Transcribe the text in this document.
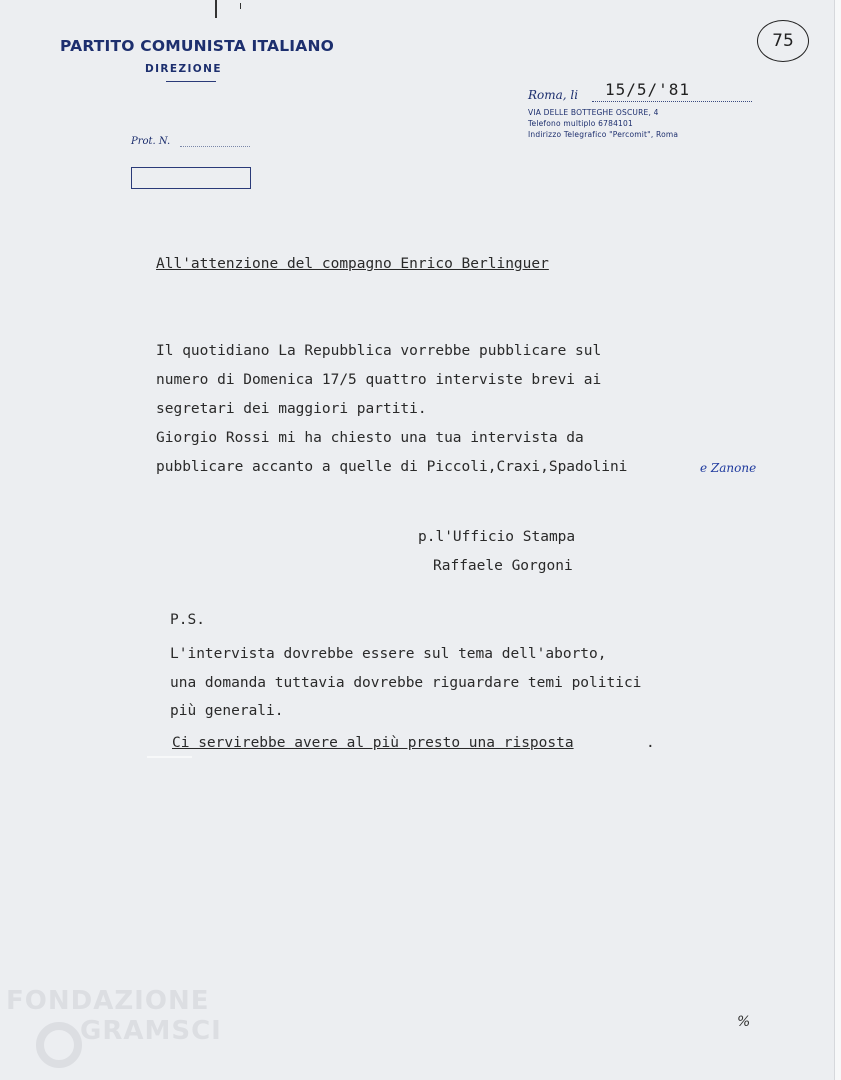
PARTITO COMUNISTA ITALIANO
DIREZIONE
75
Roma, li 15/5/'81
VIA DELLE BOTTEGHE OSCURE, 4
Telefono multiplo 6784101
Indirizzo Telegrafico "Percomit", Roma
Prot. N.
All'attenzione del compagno Enrico Berlinguer
Il quotidiano La Repubblica vorrebbe pubblicare sul
numero di Domenica 17/5 quattro interviste brevi ai
segretari dei maggiori partiti.
Giorgio Rossi mi ha chiesto una tua intervista da
pubblicare accanto a quelle di Piccoli,Craxi,Spadolini	e Zanone
p.l'Ufficio Stampa
Raffaele Gorgoni
P.S.
L'intervista dovrebbe essere sul tema dell'aborto,
una domanda tuttavia dovrebbe riguardare temi politici
più generali.
Ci servirebbe avere al più presto una risposta	.
FONDAZIONE
GRAMSCI	%
